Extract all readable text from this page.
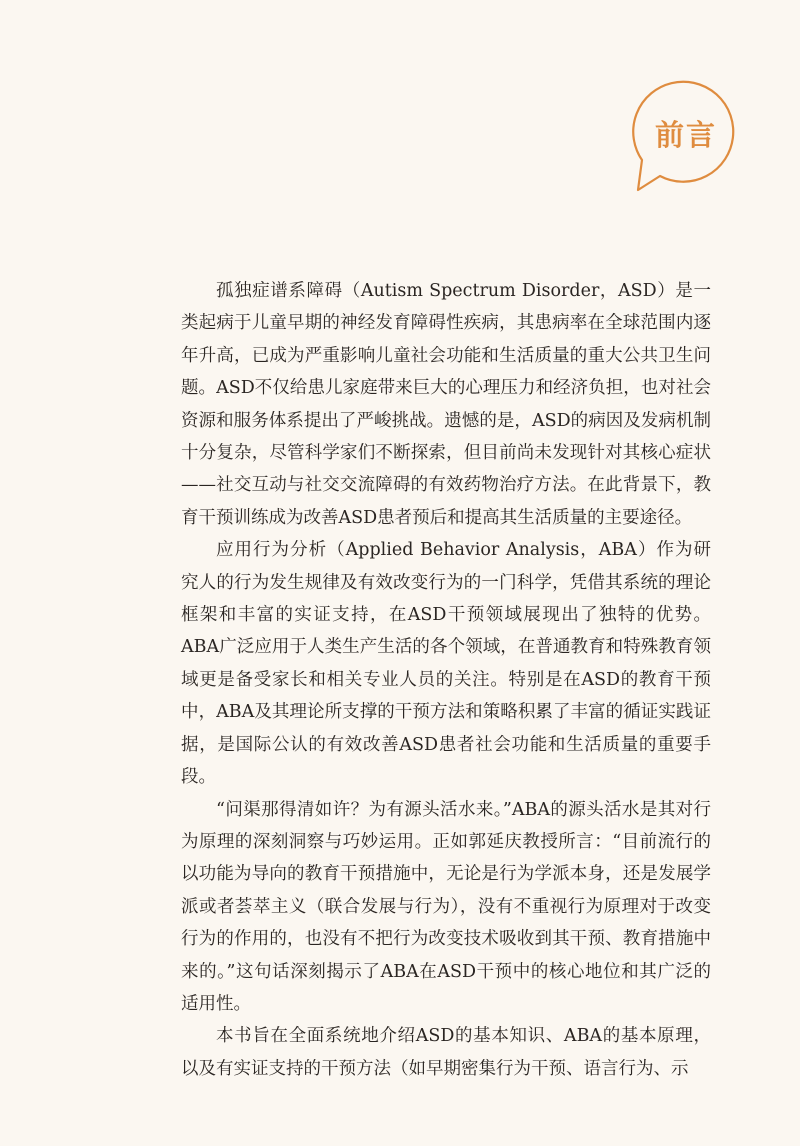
前言

孤独症谱系障碍（Autism Spectrum Disorder，ASD）是一类起病于儿童早期的神经发育障碍性疾病，其患病率在全球范围内逐年升高，已成为严重影响儿童社会功能和生活质量的重大公共卫生问题。ASD不仅给患儿家庭带来巨大的心理压力和经济负担，也对社会资源和服务体系提出了严峻挑战。遗憾的是，ASD的病因及发病机制十分复杂，尽管科学家们不断探索，但目前尚未发现针对其核心症状——社交互动与社交交流障碍的有效药物治疗方法。在此背景下，教育干预训练成为改善ASD患者预后和提高其生活质量的主要途径。

应用行为分析（Applied Behavior Analysis，ABA）作为研究人的行为发生规律及有效改变行为的一门科学，凭借其系统的理论框架和丰富的实证支持，在ASD干预领域展现出了独特的优势。ABA广泛应用于人类生产生活的各个领域，在普通教育和特殊教育领域更是备受家长和相关专业人员的关注。特别是在ASD的教育干预中，ABA及其理论所支撑的干预方法和策略积累了丰富的循证实践证据，是国际公认的有效改善ASD患者社会功能和生活质量的重要手段。

“问渠那得清如许？为有源头活水来。”ABA的源头活水是其对行为原理的深刻洞察与巧妙运用。正如郭延庆教授所言：“目前流行的以功能为导向的教育干预措施中，无论是行为学派本身，还是发展学派或者荟萃主义（联合发展与行为），没有不重视行为原理对于改变行为的作用的，也没有不把行为改变技术吸收到其干预、教育措施中来的。”这句话深刻揭示了ABA在ASD干预中的核心地位和其广泛的适用性。

本书旨在全面系统地介绍ASD的基本知识、ABA的基本原理，以及有实证支持的干预方法（如早期密集行为干预、语言行为、示
